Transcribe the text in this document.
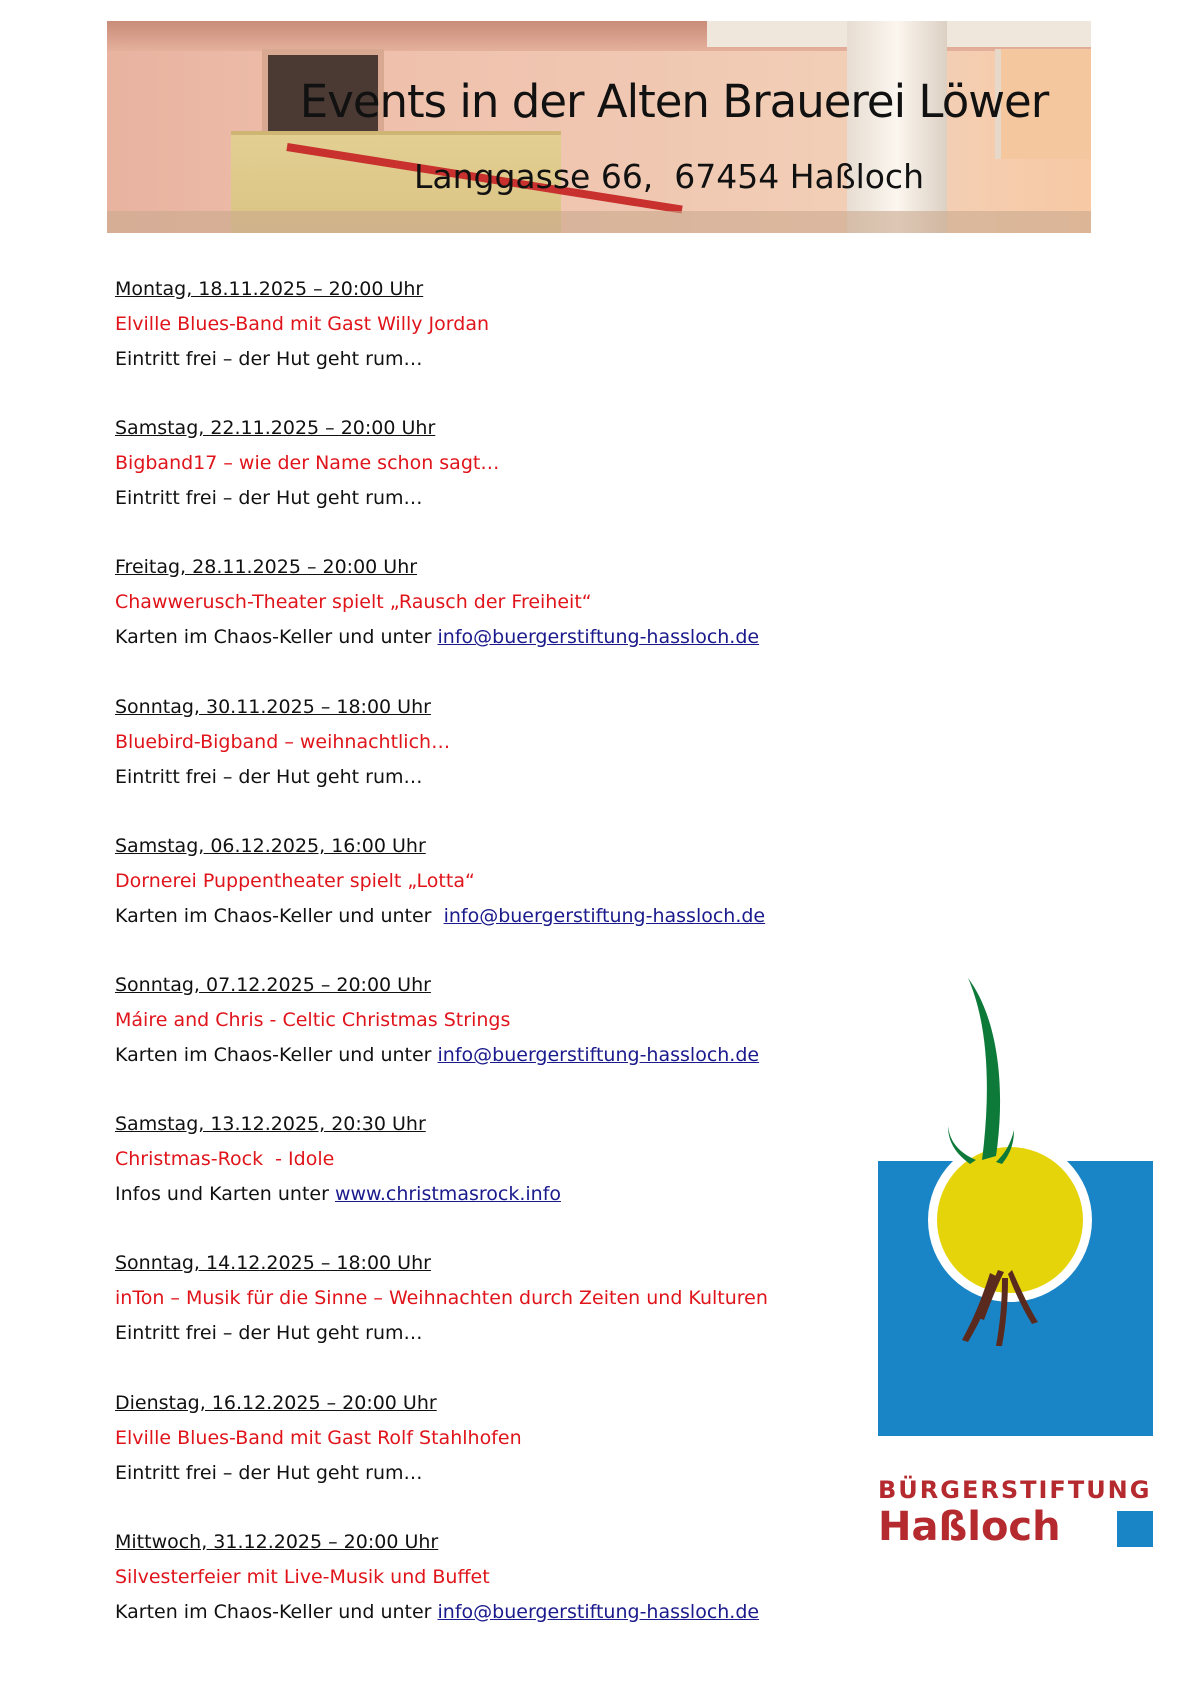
Events in der Alten Brauerei Löwer
Langgasse 66,  67454 Haßloch
Montag, 18.11.2025 – 20:00 Uhr
Elville Blues-Band mit Gast Willy Jordan
Eintritt frei – der Hut geht rum…
Samstag, 22.11.2025 – 20:00 Uhr
Bigband17 – wie der Name schon sagt…
Eintritt frei – der Hut geht rum…
Freitag, 28.11.2025 – 20:00 Uhr
Chawwerusch-Theater spielt „Rausch der Freiheit“
Karten im Chaos-Keller und unter info@buergerstiftung-hassloch.de
Sonntag, 30.11.2025 – 18:00 Uhr
Bluebird-Bigband – weihnachtlich…
Eintritt frei – der Hut geht rum…
Samstag, 06.12.2025, 16:00 Uhr
Dornerei Puppentheater spielt „Lotta“
Karten im Chaos-Keller und unter  info@buergerstiftung-hassloch.de
Sonntag, 07.12.2025 – 20:00 Uhr
Máire and Chris - Celtic Christmas Strings
Karten im Chaos-Keller und unter info@buergerstiftung-hassloch.de
Samstag, 13.12.2025, 20:30 Uhr
Christmas-Rock  - Idole
Infos und Karten unter www.christmasrock.info
Sonntag, 14.12.2025 – 18:00 Uhr
inTon – Musik für die Sinne – Weihnachten durch Zeiten und Kulturen
Eintritt frei – der Hut geht rum…
Dienstag, 16.12.2025 – 20:00 Uhr
Elville Blues-Band mit Gast Rolf Stahlhofen
Eintritt frei – der Hut geht rum…
Mittwoch, 31.12.2025 – 20:00 Uhr
Silvesterfeier mit Live-Musik und Buffet
Karten im Chaos-Keller und unter info@buergerstiftung-hassloch.de
BÜRGERSTIFTUNG
Haßloch
